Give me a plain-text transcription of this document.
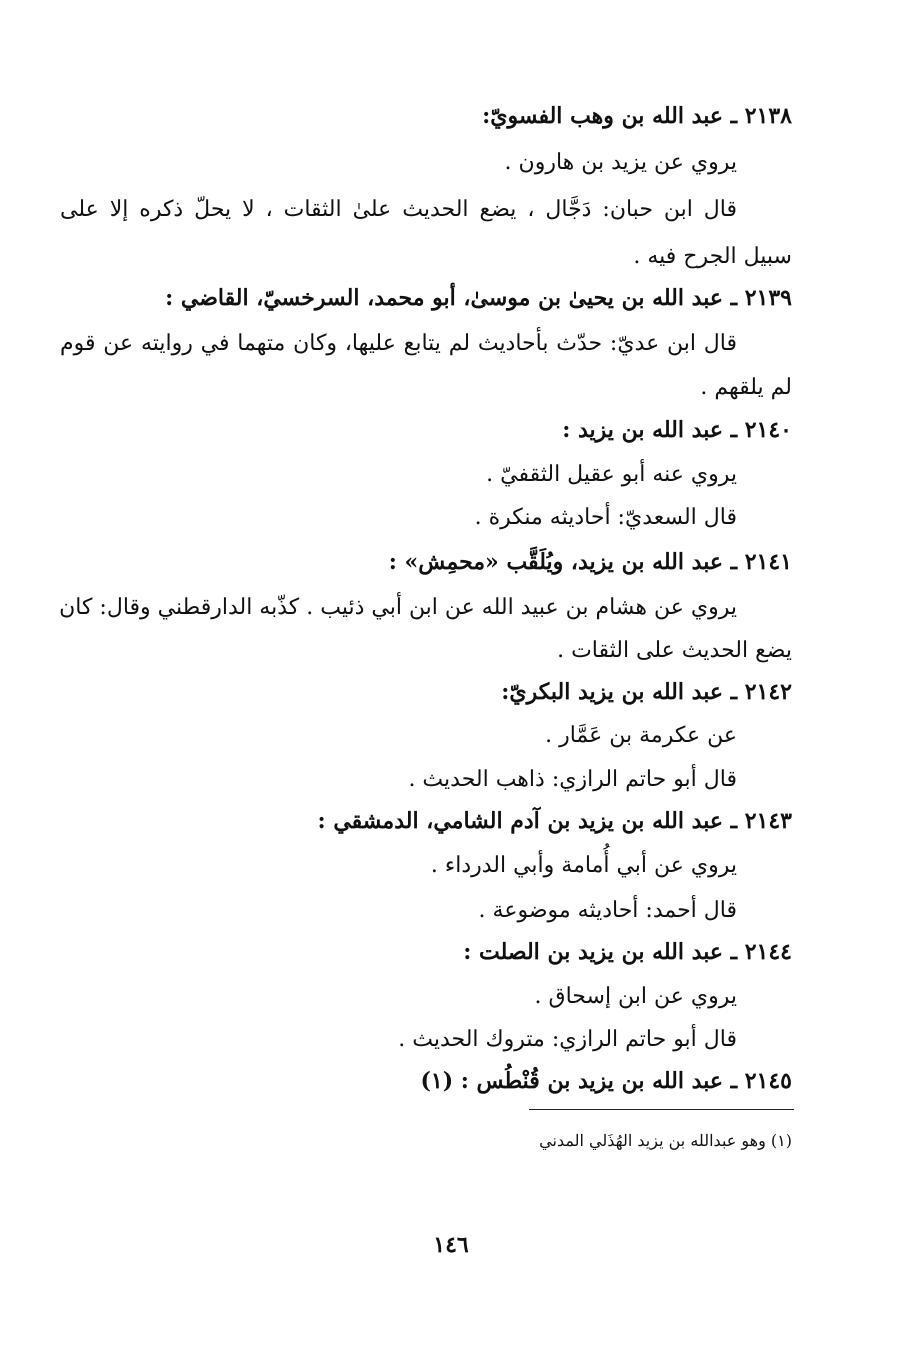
٢١٣٨ ـ عبد الله بن وهب الفسويّ:
يروي عن يزيد بن هارون .
قال ابن حبان: دَجَّال ، يضع الحديث علىٰ الثقات ، لا يحلّ ذكره إلا على
سبيل الجرح فيه .
٢١٣٩ ـ عبد الله بن يحيىٰ بن موسىٰ، أبو محمد، السرخسيّ، القاضي :
قال ابن عديّ: حدّث بأحاديث لم يتابع عليها، وكان متهما في روايته عن قوم
لم يلقهم .
٢١٤٠ ـ عبد الله بن يزيد :
يروي عنه أبو عقيل الثقفيّ .
قال السعديّ: أحاديثه منكرة .
٢١٤١ ـ عبد الله بن يزيد، ويُلَقَّب «محمِش» :
يروي عن هشام بن عبيد الله عن ابن أبي ذئيب . كذّبه الدارقطني وقال: كان
يضع الحديث على الثقات .
٢١٤٢ ـ عبد الله بن يزيد البكريّ:
عن عكرمة بن عَمَّار .
قال أبو حاتم الرازي: ذاهب الحديث .
٢١٤٣ ـ عبد الله بن يزيد بن آدم الشامي، الدمشقي :
يروي عن أبي أُمامة وأبي الدرداء .
قال أحمد: أحاديثه موضوعة .
٢١٤٤ ـ عبد الله بن يزيد بن الصلت :
يروي عن ابن إسحاق .
قال أبو حاتم الرازي: متروك الحديث .
٢١٤٥ ـ عبد الله بن يزيد بن قُنْطُس : (١)
(١) وهو عبدالله بن يزيد الهُذَلي المدني
١٤٦
